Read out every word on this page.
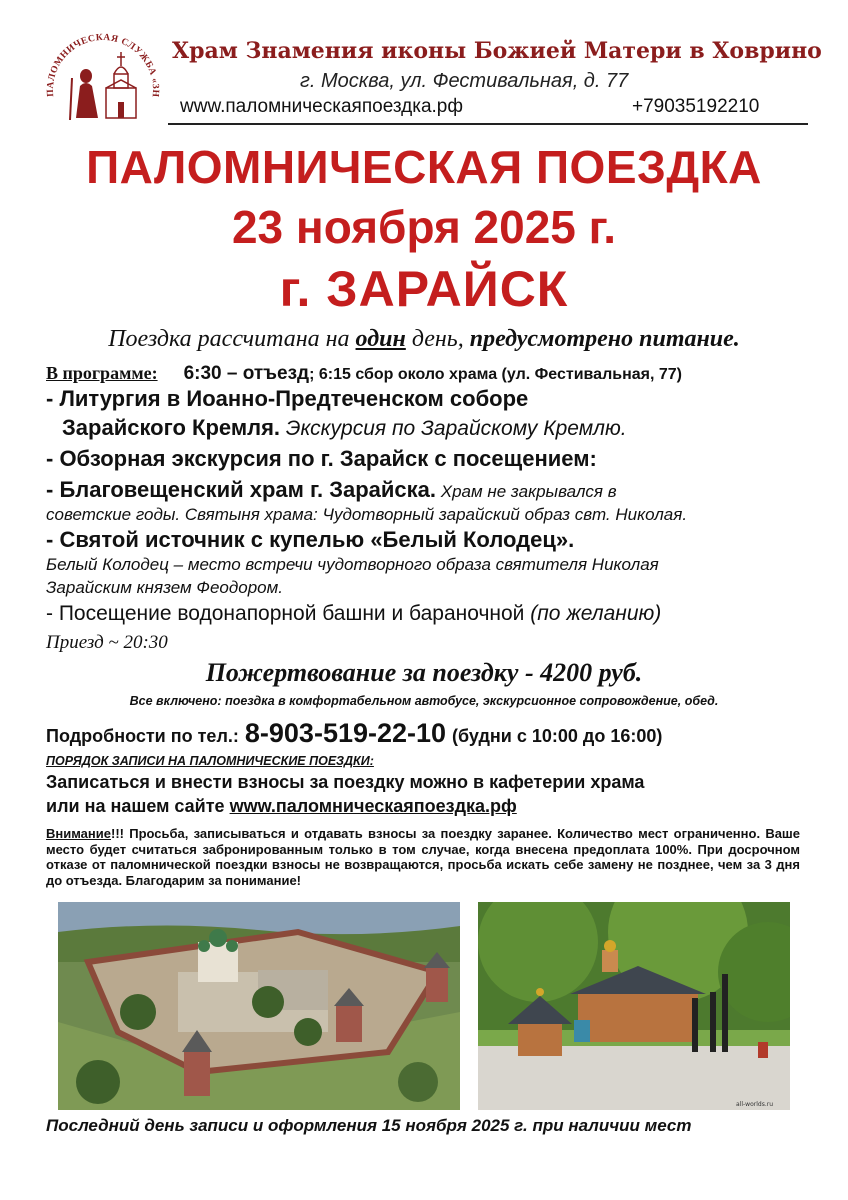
ПАЛОМНИЧЕСКАЯ СЛУЖБА «ЗН
Храм Знамения иконы Божией Матери в Ховрино
г. Москва, ул. Фестивальная, д. 77
www.паломническаяпоездка.рф	+79035192210
ПАЛОМНИЧЕСКАЯ ПОЕЗДКА
23 ноября 2025 г.
г. ЗАРАЙСК
Поездка рассчитана на один день, предусмотрено питание.
В программе: 6:30 – отъезд; 6:15 сбор около храма (ул. Фестивальная, 77)
- Литургия в Иоанно-Предтеченском соборе
Зарайского Кремля. Экскурсия по Зарайскому Кремлю.
- Обзорная экскурсия по г. Зарайск с посещением:
- Благовещенский храм г. Зарайска. Храм не закрывался в
советские годы. Святыня храма: Чудотворный зарайский образ свт. Николая.
- Святой источник с купелью «Белый Колодец».
Белый Колодец – место встречи чудотворного образа святителя Николая
Зарайским князем Феодором.
- Посещение водонапорной башни и бараночной (по желанию)
Приезд ~ 20:30
Пожертвование за поездку - 4200 руб.
Все включено: поездка в комфортабельном автобусе, экскурсионное сопровождение, обед.
Подробности по тел.: 8-903-519-22-10 (будни с 10:00 до 16:00)
ПОРЯДОК ЗАПИСИ НА ПАЛОМНИЧЕСКИЕ ПОЕЗДКИ:
Записаться и внести взносы за поездку можно в кафетерии храма
или на нашем сайте www.паломническаяпоездка.рф
Внимание!!! Просьба, записываться и отдавать взносы за поездку заранее. Количество мест ограниченно. Ваше место будет считаться забронированным только в том случае, когда внесена предоплата 100%. При досрочном отказе от паломнической поездки взносы не возвращаются, просьба искать себе замену не позднее, чем за 3 дня до отъезда. Благодарим за понимание!
all-worlds.ru
Последний день записи и оформления 15 ноября 2025 г. при наличии мест
